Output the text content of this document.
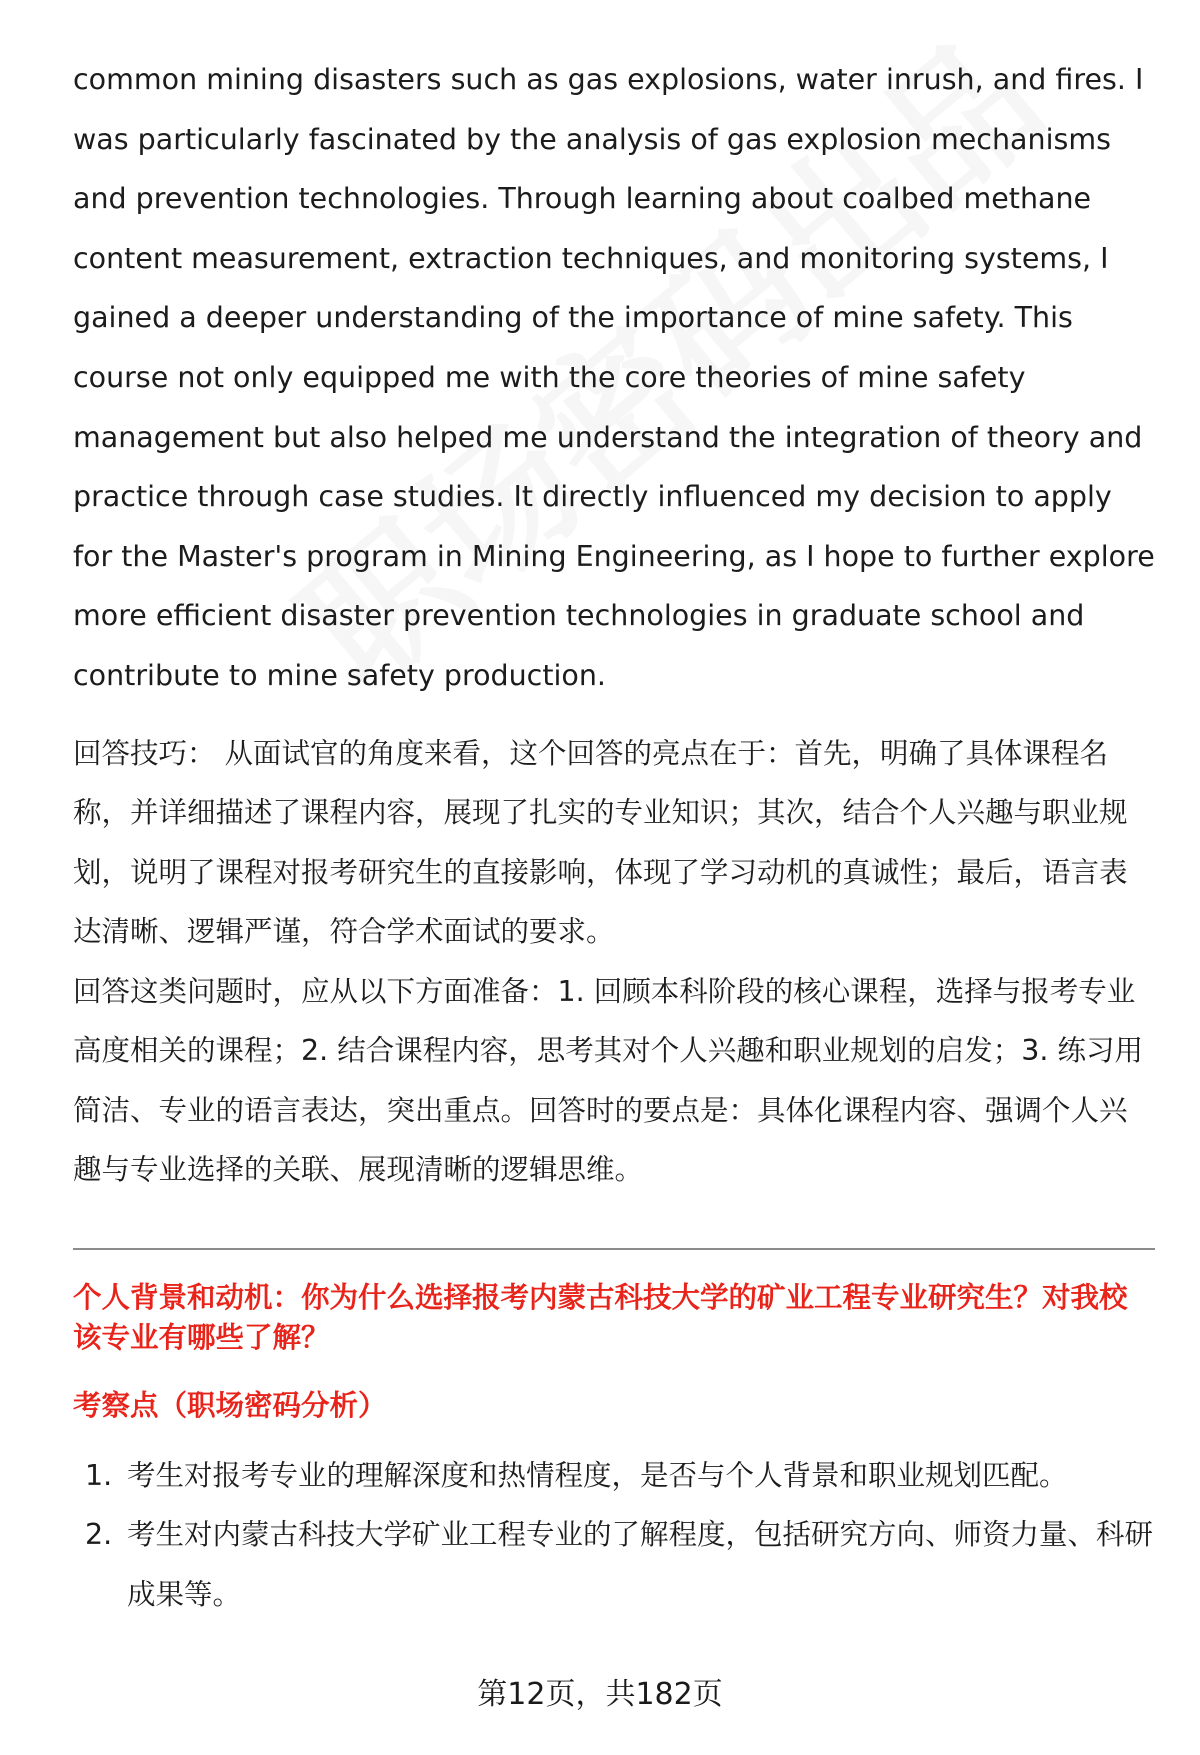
common mining disasters such as gas explosions, water inrush, and fires. I was particularly fascinated by the analysis of gas explosion mechanisms and prevention technologies. Through learning about coalbed methane content measurement, extraction techniques, and monitoring systems, I gained a deeper understanding of the importance of mine safety. This course not only equipped me with the core theories of mine safety management but also helped me understand the integration of theory and practice through case studies. It directly influenced my decision to apply for the Master's program in Mining Engineering, as I hope to further explore more efficient disaster prevention technologies in graduate school and contribute to mine safety production.

回答技巧： 从面试官的角度来看，这个回答的亮点在于：首先，明确了具体课程名称，并详细描述了课程内容，展现了扎实的专业知识；其次，结合个人兴趣与职业规划，说明了课程对报考研究生的直接影响，体现了学习动机的真诚性；最后，语言表达清晰、逻辑严谨，符合学术面试的要求。

回答这类问题时，应从以下方面准备：1. 回顾本科阶段的核心课程，选择与报考专业高度相关的课程；2. 结合课程内容，思考其对个人兴趣和职业规划的启发；3. 练习用简洁、专业的语言表达，突出重点。回答时的要点是：具体化课程内容、强调个人兴趣与专业选择的关联、展现清晰的逻辑思维。

个人背景和动机：你为什么选择报考内蒙古科技大学的矿业工程专业研究生？对我校该专业有哪些了解？
考察点（职场密码分析）
1. 考生对报考专业的理解深度和热情程度，是否与个人背景和职业规划匹配。
2. 考生对内蒙古科技大学矿业工程专业的了解程度，包括研究方向、师资力量、科研成果等。
第12页，共182页
